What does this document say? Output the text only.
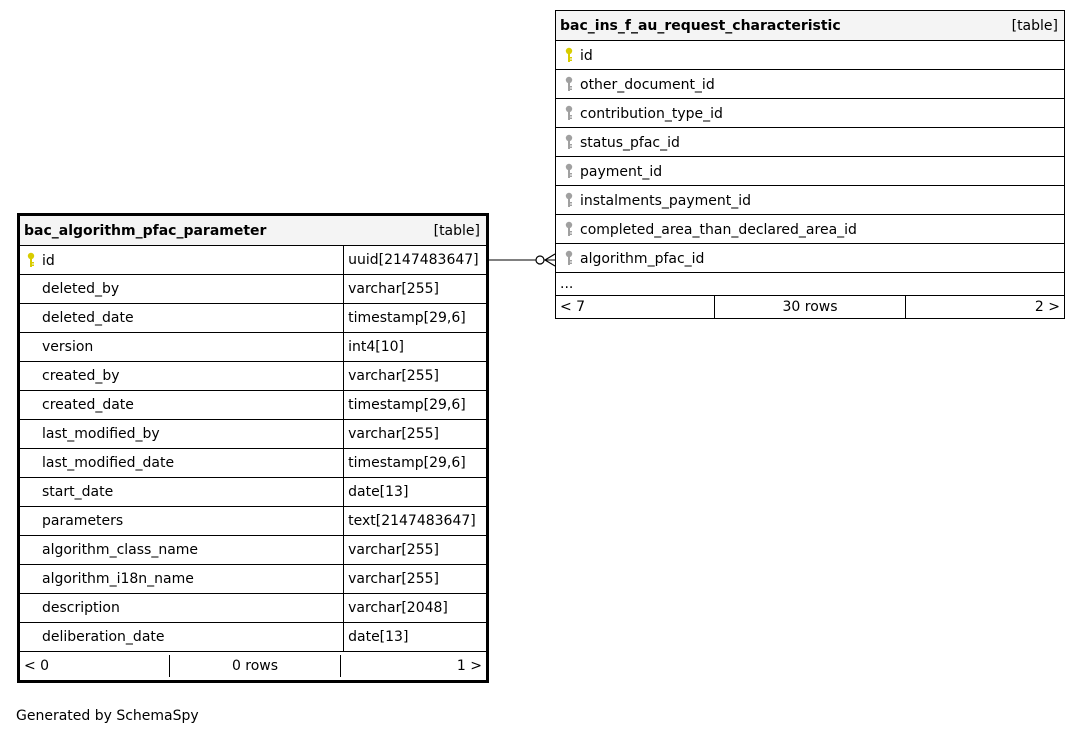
bac_ins_f_au_request_characteristic	[table]

id
other_document_id
contribution_type_id
status_pfac_id
payment_id
instalments_payment_id
completed_area_than_declared_area_id
algorithm_pfac_id
...
< 7	30 rows	2 >
bac_algorithm_pfac_parameter	[table]

id	uuid[2147483647]
deleted_by	varchar[255]
deleted_date	timestamp[29,6]
version	int4[10]
created_by	varchar[255]
created_date	timestamp[29,6]
last_modified_by	varchar[255]
last_modified_date	timestamp[29,6]
start_date	date[13]
parameters	text[2147483647]
algorithm_class_name	varchar[255]
algorithm_i18n_name	varchar[255]
description	varchar[2048]
deliberation_date	date[13]

< 0	0 rows	1 >
Generated by SchemaSpy
